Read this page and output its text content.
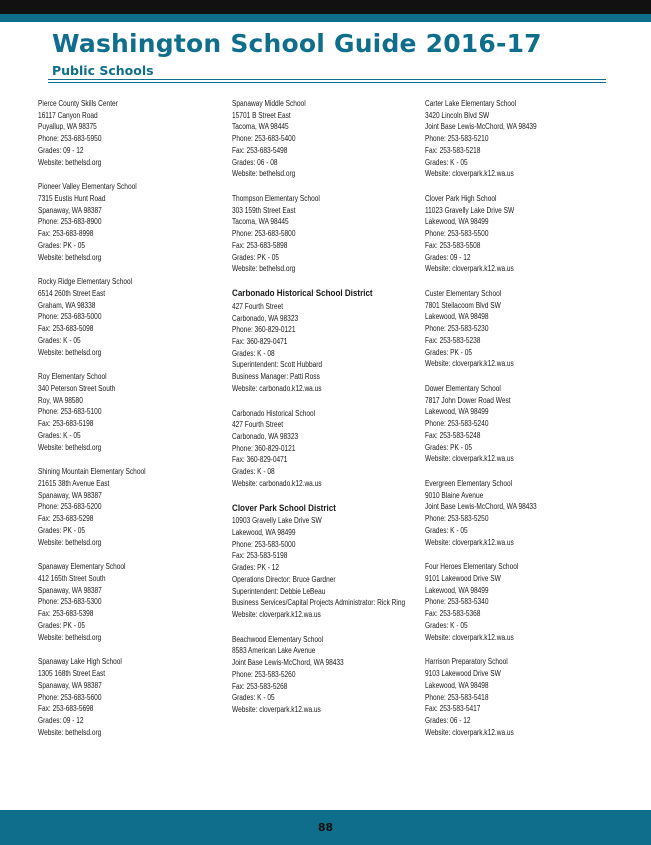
Washington School Guide 2016-17
Public Schools
Pierce County Skills Center
16117 Canyon Road
Puyallup, WA 98375
Phone: 253-683-5950
Grades: 09 - 12
Website: bethelsd.org
Pioneer Valley Elementary School
7315 Eustis Hunt Road
Spanaway, WA 98387
Phone: 253-683-8900
Fax: 253-683-8998
Grades: PK - 05
Website: bethelsd.org
Rocky Ridge Elementary School
6514 260th Street East
Graham, WA 98338
Phone: 253-683-5000
Fax: 253-683-5098
Grades: K - 05
Website: bethelsd.org
Roy Elementary School
340 Peterson Street South
Roy, WA 98580
Phone: 253-683-5100
Fax: 253-683-5198
Grades: K - 05
Website: bethelsd.org
Shining Mountain Elementary School
21615 38th Avenue East
Spanaway, WA 98387
Phone: 253-683-5200
Fax: 253-683-5298
Grades: PK - 05
Website: bethelsd.org
Spanaway Elementary School
412 165th Street South
Spanaway, WA 98387
Phone: 253-683-5300
Fax: 253-683-5398
Grades: PK - 05
Website: bethelsd.org
Spanaway Lake High School
1305 168th Street East
Spanaway, WA 98387
Phone: 253-683-5600
Fax: 253-683-5698
Grades: 09 - 12
Website: bethelsd.org
Spanaway Middle School
15701 B Street East
Tacoma, WA 98445
Phone: 253-683-5400
Fax: 253-683-5498
Grades: 06 - 08
Website: bethelsd.org
Thompson Elementary School
303 159th Street East
Tacoma, WA 98445
Phone: 253-683-5800
Fax: 253-683-5898
Grades: PK - 05
Website: bethelsd.org
Carbonado Historical School District
427 Fourth Street
Carbonado, WA 98323
Phone: 360-829-0121
Fax: 360-829-0471
Grades: K - 08
Superintendent: Scott Hubbard
Business Manager: Patti Ross
Website: carbonado.k12.wa.us
Carbonado Historical School
427 Fourth Street
Carbonado, WA 98323
Phone: 360-829-0121
Fax: 360-829-0471
Grades: K - 08
Website: carbonado.k12.wa.us
Clover Park School District
10903 Gravelly Lake Drive SW
Lakewood, WA 98499
Phone: 253-583-5000
Fax: 253-583-5198
Grades: PK - 12
Operations Director: Bruce Gardner
Superintendent: Debbie LeBeau
Business Services/Capital Projects Administrator: Rick Ring
Website: cloverpark.k12.wa.us
Beachwood Elementary School
8583 American Lake Avenue
Joint Base Lewis-McChord, WA 98433
Phone: 253-583-5260
Fax: 253-583-5268
Grades: K - 05
Website: cloverpark.k12.wa.us
Carter Lake Elementary School
3420 Lincoln Blvd SW
Joint Base Lewis-McChord, WA 98439
Phone: 253-583-5210
Fax: 253-583-5218
Grades: K - 05
Website: cloverpark.k12.wa.us
Clover Park High School
11023 Gravelly Lake Drive SW
Lakewood, WA 98499
Phone: 253-583-5500
Fax: 253-583-5508
Grades: 09 - 12
Website: cloverpark.k12.wa.us
Custer Elementary School
7801 Steilacoom Blvd SW
Lakewood, WA 98498
Phone: 253-583-5230
Fax: 253-583-5238
Grades: PK - 05
Website: cloverpark.k12.wa.us
Dower Elementary School
7817 John Dower Road West
Lakewood, WA 98499
Phone: 253-583-5240
Fax: 253-583-5248
Grades: PK - 05
Website: cloverpark.k12.wa.us
Evergreen Elementary School
9010 Blaine Avenue
Joint Base Lewis-McChord, WA 98433
Phone: 253-583-5250
Grades: K - 05
Website: cloverpark.k12.wa.us
Four Heroes Elementary School
9101 Lakewood Drive SW
Lakewood, WA 98499
Phone: 253-583-5340
Fax: 253-583-5368
Grades: K - 05
Website: cloverpark.k12.wa.us
Harrison Preparatory School
9103 Lakewood Drive SW
Lakewood, WA 98498
Phone: 253-583-5418
Fax: 253-583-5417
Grades: 06 - 12
Website: cloverpark.k12.wa.us
88
